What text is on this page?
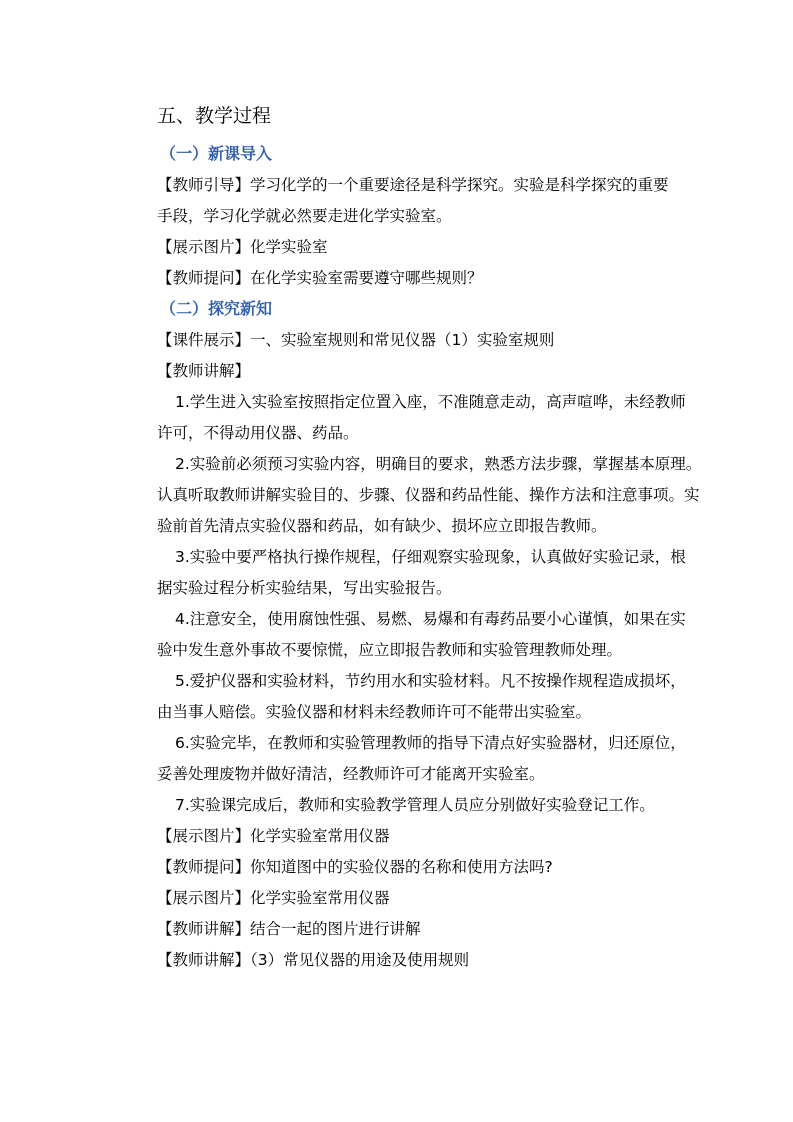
五、教学过程
（一）新课导入
【教师引导】学习化学的一个重要途径是科学探究。实验是科学探究的重要
手段，学习化学就必然要走进化学实验室。
【展示图片】化学实验室
【教师提问】在化学实验室需要遵守哪些规则？
（二）探究新知
【课件展示】一、实验室规则和常见仪器（1）实验室规则
【教师讲解】
1.学生进入实验室按照指定位置入座，不准随意走动，高声喧哗，未经教师
许可，不得动用仪器、药品。
2.实验前必须预习实验内容，明确目的要求，熟悉方法步骤，掌握基本原理。
认真听取教师讲解实验目的、步骤、仪器和药品性能、操作方法和注意事项。实
验前首先清点实验仪器和药品，如有缺少、损坏应立即报告教师。
3.实验中要严格执行操作规程，仔细观察实验现象，认真做好实验记录，根
据实验过程分析实验结果，写出实验报告。
4.注意安全，使用腐蚀性强、易燃、易爆和有毒药品要小心谨慎，如果在实
验中发生意外事故不要惊慌，应立即报告教师和实验管理教师处理。
5.爱护仪器和实验材料，节约用水和实验材料。凡不按操作规程造成损坏，
由当事人赔偿。实验仪器和材料未经教师许可不能带出实验室。
6.实验完毕，在教师和实验管理教师的指导下清点好实验器材，归还原位，
妥善处理废物并做好清洁，经教师许可才能离开实验室。
7.实验课完成后，教师和实验教学管理人员应分别做好实验登记工作。
【展示图片】化学实验室常用仪器
【教师提问】你知道图中的实验仪器的名称和使用方法吗?
【展示图片】化学实验室常用仪器
【教师讲解】结合一起的图片进行讲解
【教师讲解】（3）常见仪器的用途及使用规则
